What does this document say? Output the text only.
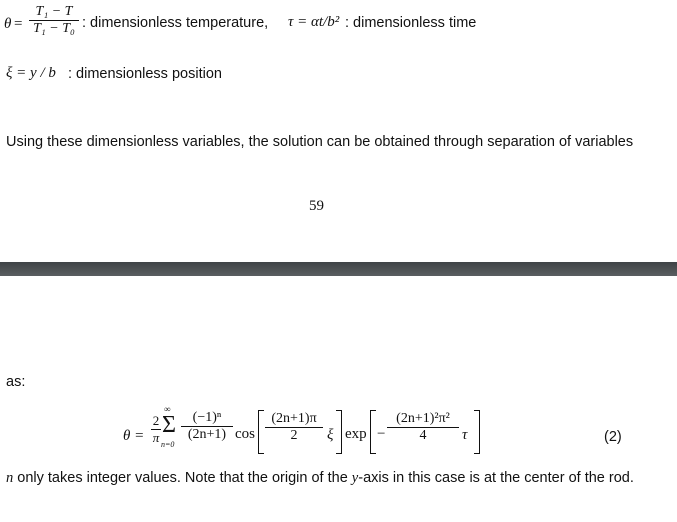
θ =
T₁ − T
T₁ − T₀ : dimensionless temperature, τ = αt/b² : dimensionless time
ξ = y / b : dimensionless position

Using these dimensionless variables, the solution can be obtained through separation of variables

59
as:
θ =
2
π
∞
Σ
n=0
(−1)ⁿ
(2n+1) cos
(2n+1)π
2	ξ exp −
(2n+1)²π²
4	τ	(2)

n only takes integer values. Note that the origin of the y-axis in this case is at the center of the rod.
